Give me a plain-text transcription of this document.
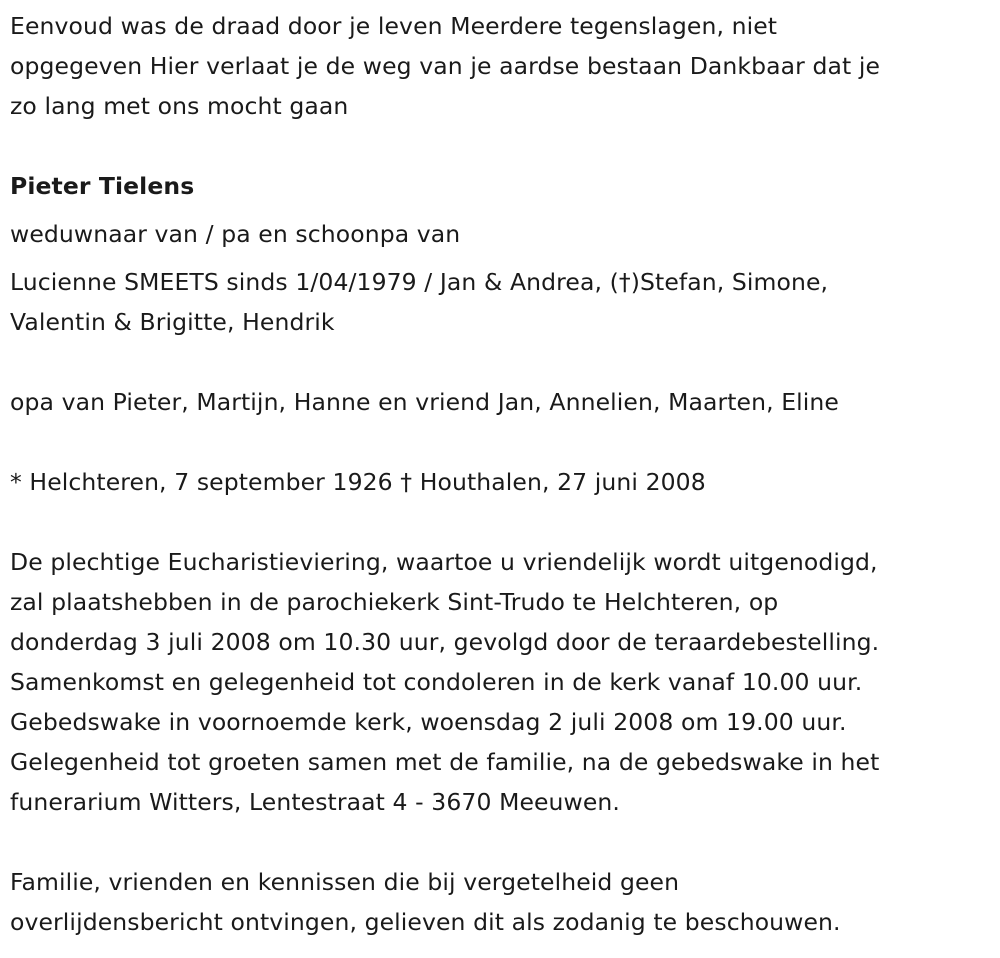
Eenvoud was de draad door je leven Meerdere tegenslagen, niet
opgegeven Hier verlaat je de weg van je aardse bestaan Dankbaar dat je
zo lang met ons mocht gaan

Pieter Tielens

weduwnaar van / pa en schoonpa van

Lucienne SMEETS sinds 1/04/1979 / Jan & Andrea, (†)Stefan, Simone,
Valentin & Brigitte, Hendrik

opa van Pieter, Martijn, Hanne en vriend Jan, Annelien, Maarten, Eline

* Helchteren, 7 september 1926 † Houthalen, 27 juni 2008

De plechtige Eucharistieviering, waartoe u vriendelijk wordt uitgenodigd,
zal plaatshebben in de parochiekerk Sint-Trudo te Helchteren, op
donderdag 3 juli 2008 om 10.30 uur, gevolgd door de teraardebestelling.
Samenkomst en gelegenheid tot condoleren in de kerk vanaf 10.00 uur.
Gebedswake in voornoemde kerk, woensdag 2 juli 2008 om 19.00 uur.
Gelegenheid tot groeten samen met de familie, na de gebedswake in het
funerarium Witters, Lentestraat 4 - 3670 Meeuwen.

Familie, vrienden en kennissen die bij vergetelheid geen
overlijdensbericht ontvingen, gelieven dit als zodanig te beschouwen.
